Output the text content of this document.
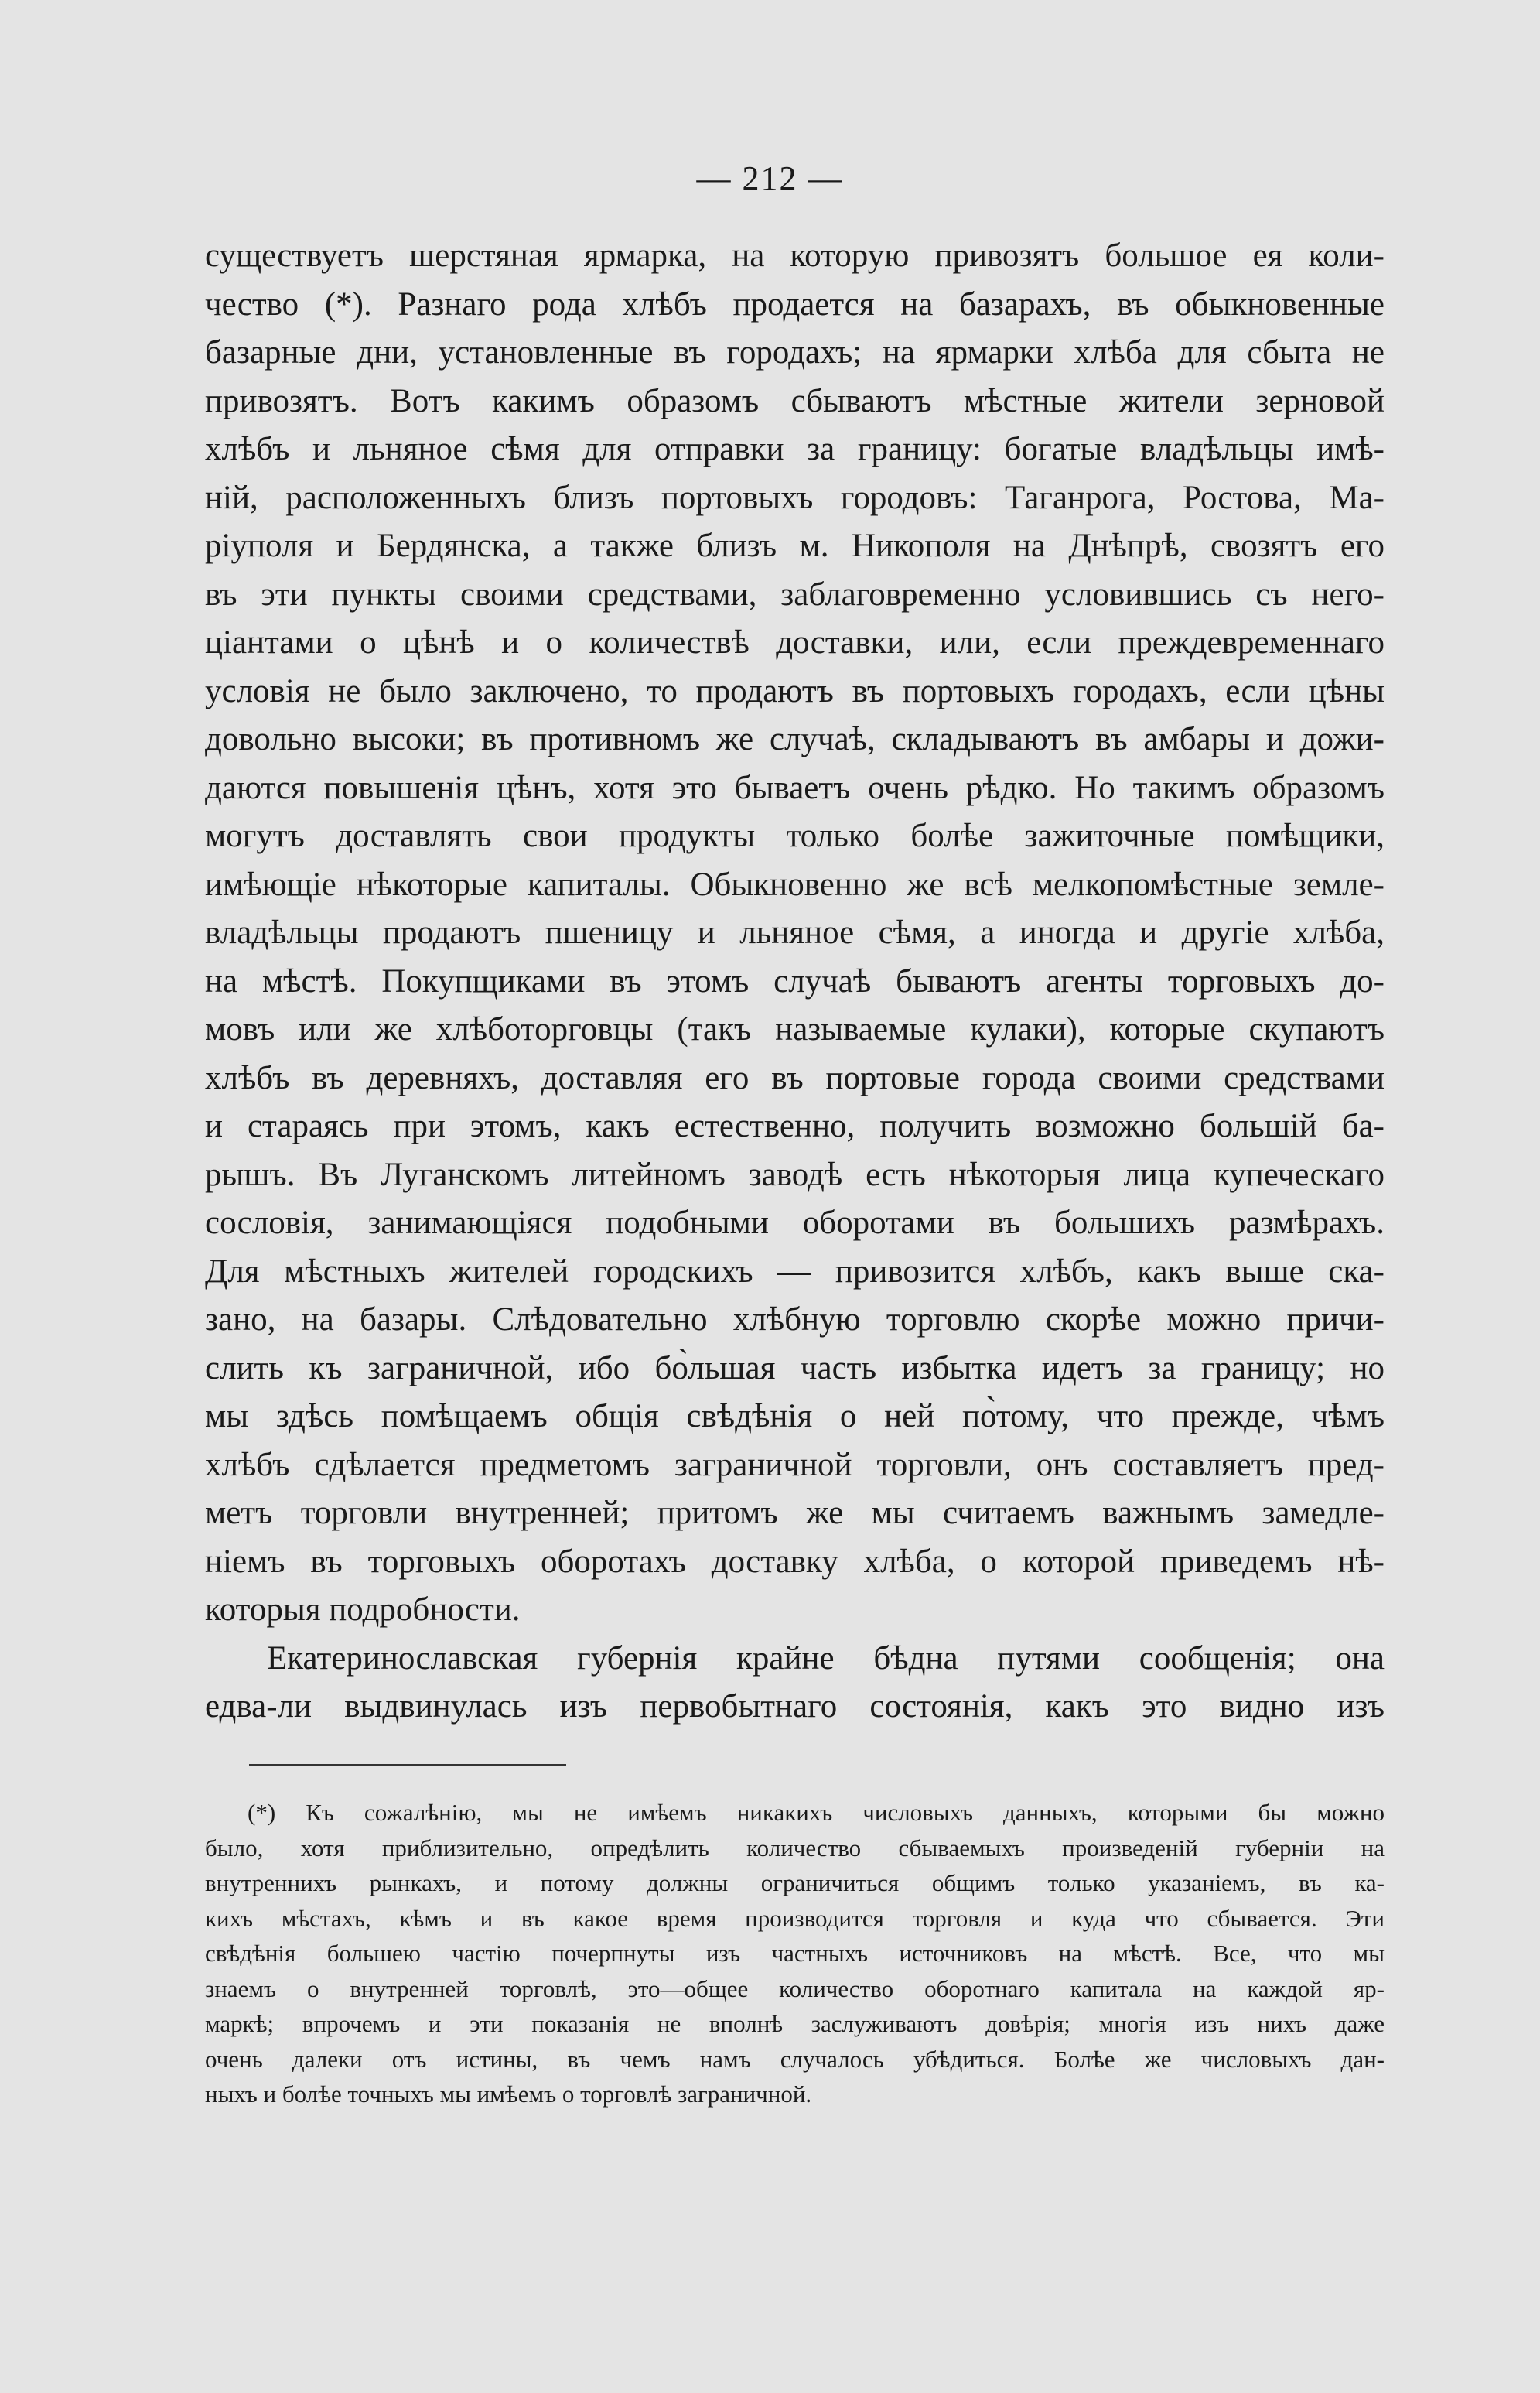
— 212 —
существуетъ шерстяная ярмарка, на которую привозятъ большое ея коли-
чество (*). Разнаго рода хлѣбъ продается на базарахъ, въ обыкновенные
базарные дни, установленные въ городахъ; на ярмарки хлѣба для сбыта не
привозятъ. Вотъ какимъ образомъ сбываютъ мѣстные жители зерновой
хлѣбъ и льняное сѣмя для отправки за границу: богатые владѣльцы имѣ-
ній, расположенныхъ близъ портовыхъ городовъ: Таганрога, Ростова, Ма-
ріуполя и Бердянска, а также близъ м. Никополя на Днѣпрѣ, свозятъ его
въ эти пункты своими средствами, заблаговременно условившись съ него-
ціантами о цѣнѣ и о количествѣ доставки, или, если преждевременнаго
условія не было заключено, то продаютъ въ портовыхъ городахъ, если цѣны
довольно высоки; въ противномъ же случаѣ, складываютъ въ амбары и дожи-
даются повышенія цѣнъ, хотя это бываетъ очень рѣдко. Но такимъ образомъ
могутъ доставлять свои продукты только болѣе зажиточные помѣщики,
имѣющіе нѣкоторые капиталы. Обыкновенно же всѣ мелкопомѣстные земле-
владѣльцы продаютъ пшеницу и льняное сѣмя, а иногда и другіе хлѣба,
на мѣстѣ. Покупщиками въ этомъ случаѣ бываютъ агенты торговыхъ до-
мовъ или же хлѣботорговцы (такъ называемые кулаки), которые скупаютъ
хлѣбъ въ деревняхъ, доставляя его въ портовые города своими средствами
и стараясь при этомъ, какъ естественно, получить возможно большій ба-
рышъ. Въ Луганскомъ литейномъ заводѣ есть нѣкоторыя лица купеческаго
сословія, занимающіяся подобными оборотами въ большихъ размѣрахъ.
Для мѣстныхъ жителей городскихъ — привозится хлѣбъ, какъ выше ска-
зано, на базары. Слѣдовательно хлѣбную торговлю скорѣе можно причи-
слить къ заграничной, ибо бо̀льшая часть избытка идетъ за границу; но
мы здѣсь помѣщаемъ общія свѣдѣнія о ней по̀тому, что прежде, чѣмъ
хлѣбъ сдѣлается предметомъ заграничной торговли, онъ составляетъ пред-
метъ торговли внутренней; притомъ же мы считаемъ важнымъ замедле-
ніемъ въ торговыхъ оборотахъ доставку хлѣба, о которой приведемъ нѣ-
которыя подробности.
Екатеринославская губернія крайне бѣдна путями сообщенія; она
едва-ли выдвинулась изъ первобытнаго состоянія, какъ это видно изъ
(*) Къ сожалѣнію, мы не имѣемъ никакихъ числовыхъ данныхъ, которыми бы можно
было, хотя приблизительно, опредѣлить количество сбываемыхъ произведеній губерніи на
внутреннихъ рынкахъ, и потому должны ограничиться общимъ только указаніемъ, въ ка-
кихъ мѣстахъ, кѣмъ и въ какое время производится торговля и куда что сбывается. Эти
свѣдѣнія большею частію почерпнуты изъ частныхъ источниковъ на мѣстѣ. Все, что мы
знаемъ о внутренней торговлѣ, это—общее количество оборотнаго капитала на каждой яр-
маркѣ; впрочемъ и эти показанія не вполнѣ заслуживаютъ довѣрія; многія изъ нихъ даже
очень далеки отъ истины, въ чемъ намъ случалось убѣдиться. Болѣе же числовыхъ дан-
ныхъ и болѣе точныхъ мы имѣемъ о торговлѣ заграничной.
